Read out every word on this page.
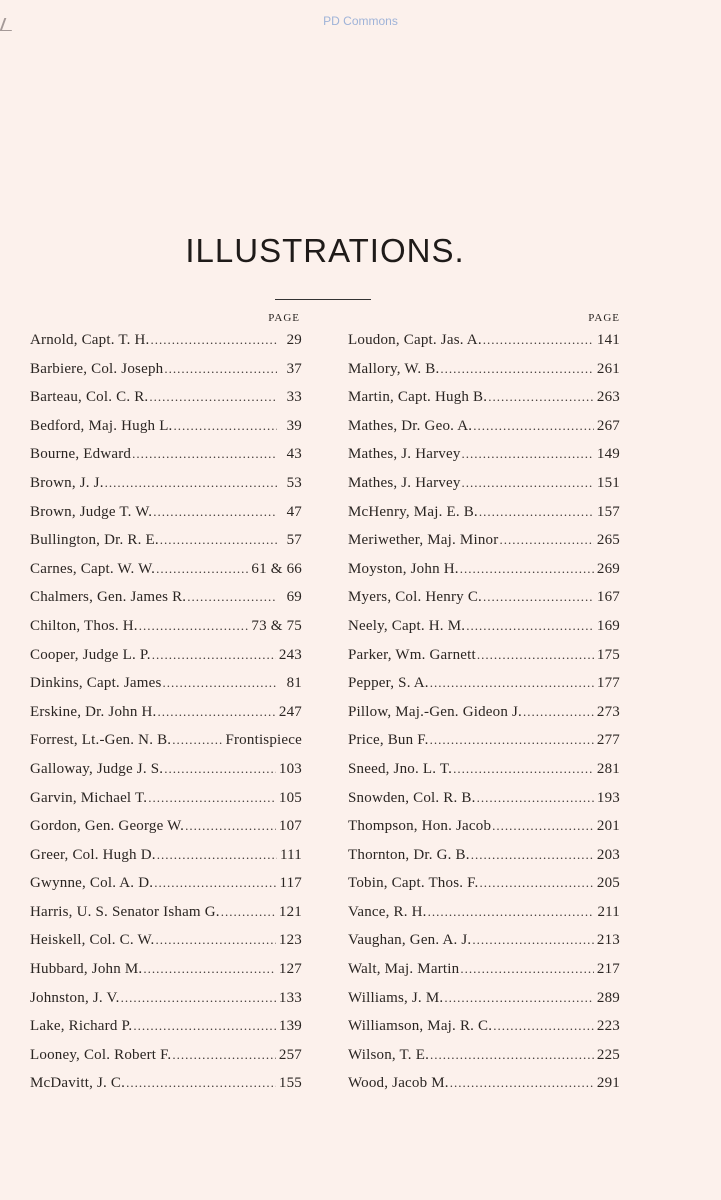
PD Commons
ILLUSTRATIONS.
PAGE
Arnold, Capt. T. H. .....	29
Barbiere, Col. Joseph .....	37
Barteau, Col. C. R. .....	33
Bedford, Maj. Hugh L. .....	39
Bourne, Edward .....	43
Brown, J. J. .....	53
Brown, Judge T. W. .....	47
Bullington, Dr. R. E. .....	57
Carnes, Capt. W. W. .....	61 & 66
Chalmers, Gen. James R. .....	69
Chilton, Thos. H. .....	73 & 75
Cooper, Judge L. P. .....	243
Dinkins, Capt. James .....	81
Erskine, Dr. John H. .....	247
Forrest, Lt.-Gen. N. B. .....	Frontispiece
Galloway, Judge J. S. .....	103
Garvin, Michael T. .....	105
Gordon, Gen. George W. .....	107
Greer, Col. Hugh D. .....	111
Gwynne, Col. A. D. .....	117
Harris, U. S. Senator Isham G. .....	121
Heiskell, Col. C. W. .....	123
Hubbard, John M. .....	127
Johnston, J. V. .....	133
Lake, Richard P. .....	139
Looney, Col. Robert F. .....	257
McDavitt, J. C. .....	155
PAGE
Loudon, Capt. Jas. A. .....	141
Mallory, W. B. .....	261
Martin, Capt. Hugh B. .....	263
Mathes, Dr. Geo. A. .....	267
Mathes, J. Harvey .....	149
Mathes, J. Harvey .....	151
McHenry, Maj. E. B. .....	157
Meriwether, Maj. Minor .....	265
Moyston, John H. .....	269
Myers, Col. Henry C. .....	167
Neely, Capt. H. M. .....	169
Parker, Wm. Garnett .....	175
Pepper, S. A. .....	177
Pillow, Maj.-Gen. Gideon J. .....	273
Price, Bun F. .....	277
Sneed, Jno. L. T. .....	281
Snowden, Col. R. B. .....	193
Thompson, Hon. Jacob .....	201
Thornton, Dr. G. B. .....	203
Tobin, Capt. Thos. F. .....	205
Vance, R. H. .....	211
Vaughan, Gen. A. J. .....	213
Walt, Maj. Martin .....	217
Williams, J. M. .....	289
Williamson, Maj. R. C. .....	223
Wilson, T. E. .....	225
Wood, Jacob M. .....	291
